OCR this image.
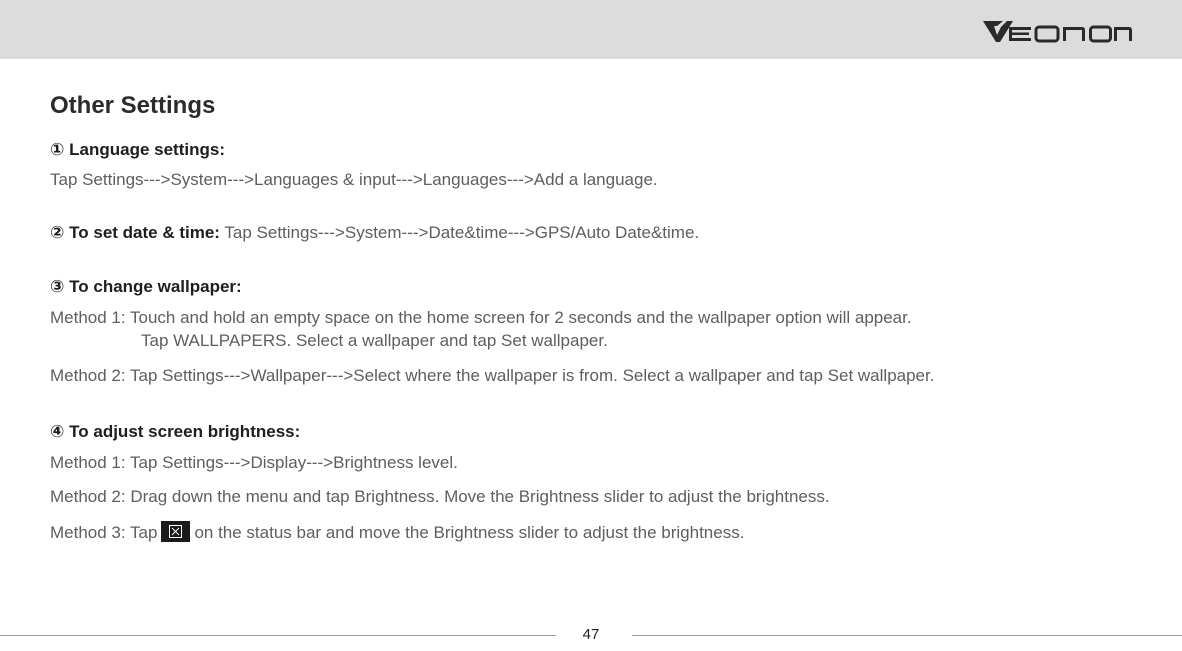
Other Settings
① Language settings:
Tap Settings--->System--->Languages & input--->Languages--->Add a language.
② To set date & time: Tap Settings--->System--->Date&time--->GPS/Auto Date&time.
③ To change wallpaper:
Method 1: Touch and hold an empty space on the home screen for 2 seconds and the wallpaper option will appear.
Tap WALLPAPERS. Select a wallpaper and tap Set wallpaper.
Method 2: Tap Settings--->Wallpaper--->Select where the wallpaper is from. Select a wallpaper and tap Set wallpaper.
④ To adjust screen brightness:
Method 1: Tap Settings--->Display--->Brightness level.
Method 2: Drag down the menu and tap Brightness. Move the Brightness slider to adjust the brightness.
Method 3: Tap on the status bar and move the Brightness slider to adjust the brightness.
47
